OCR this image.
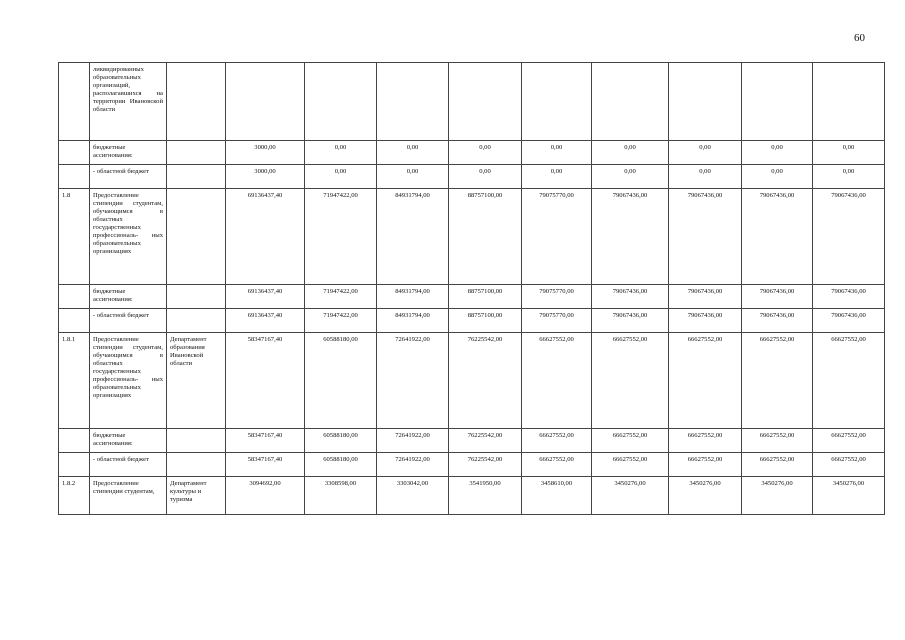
60
	ликвидированных образовательных организаций, располагавшихся на территории Ивановской области										
	бюджетные ассигнования:		3000,00	0,00	0,00	0,00	0,00	0,00	0,00	0,00	0,00
	- областной бюджет		3000,00	0,00	0,00	0,00	0,00	0,00	0,00	0,00	0,00
1.8	Предоставление стипендии студентам, обучающимся в областных государственных профессиональ- ных образовательных организациях		69136437,40	71947422,00	84931794,00	88757100,00	79075770,00	79067436,00	79067436,00	79067436,00	79067436,00
	бюджетные ассигнования:		69136437,40	71947422,00	84931794,00	88757100,00	79075770,00	79067436,00	79067436,00	79067436,00	79067436,00
	- областной бюджет		69136437,40	71947422,00	84931794,00	88757100,00	79075770,00	79067436,00	79067436,00	79067436,00	79067436,00
1.8.1	Предоставление стипендии студентам, обучающимся в областных государственных профессиональ- ных образовательных организациях	Департамент образования Ивановской области	58347167,40	60588180,00	72641922,00	76225542,00	66627552,00	66627552,00	66627552,00	66627552,00	66627552,00
	бюджетные ассигнования:		58347167,40	60588180,00	72641922,00	76225542,00	66627552,00	66627552,00	66627552,00	66627552,00	66627552,00
	- областной бюджет		58347167,40	60588180,00	72641922,00	76225542,00	66627552,00	66627552,00	66627552,00	66627552,00	66627552,00
1.8.2	Предоставление стипендии студентам,	Департамент культуры и туризма	3094692,00	3308598,00	3303042,00	3541950,00	3458610,00	3450276,00	3450276,00	3450276,00	3450276,00
